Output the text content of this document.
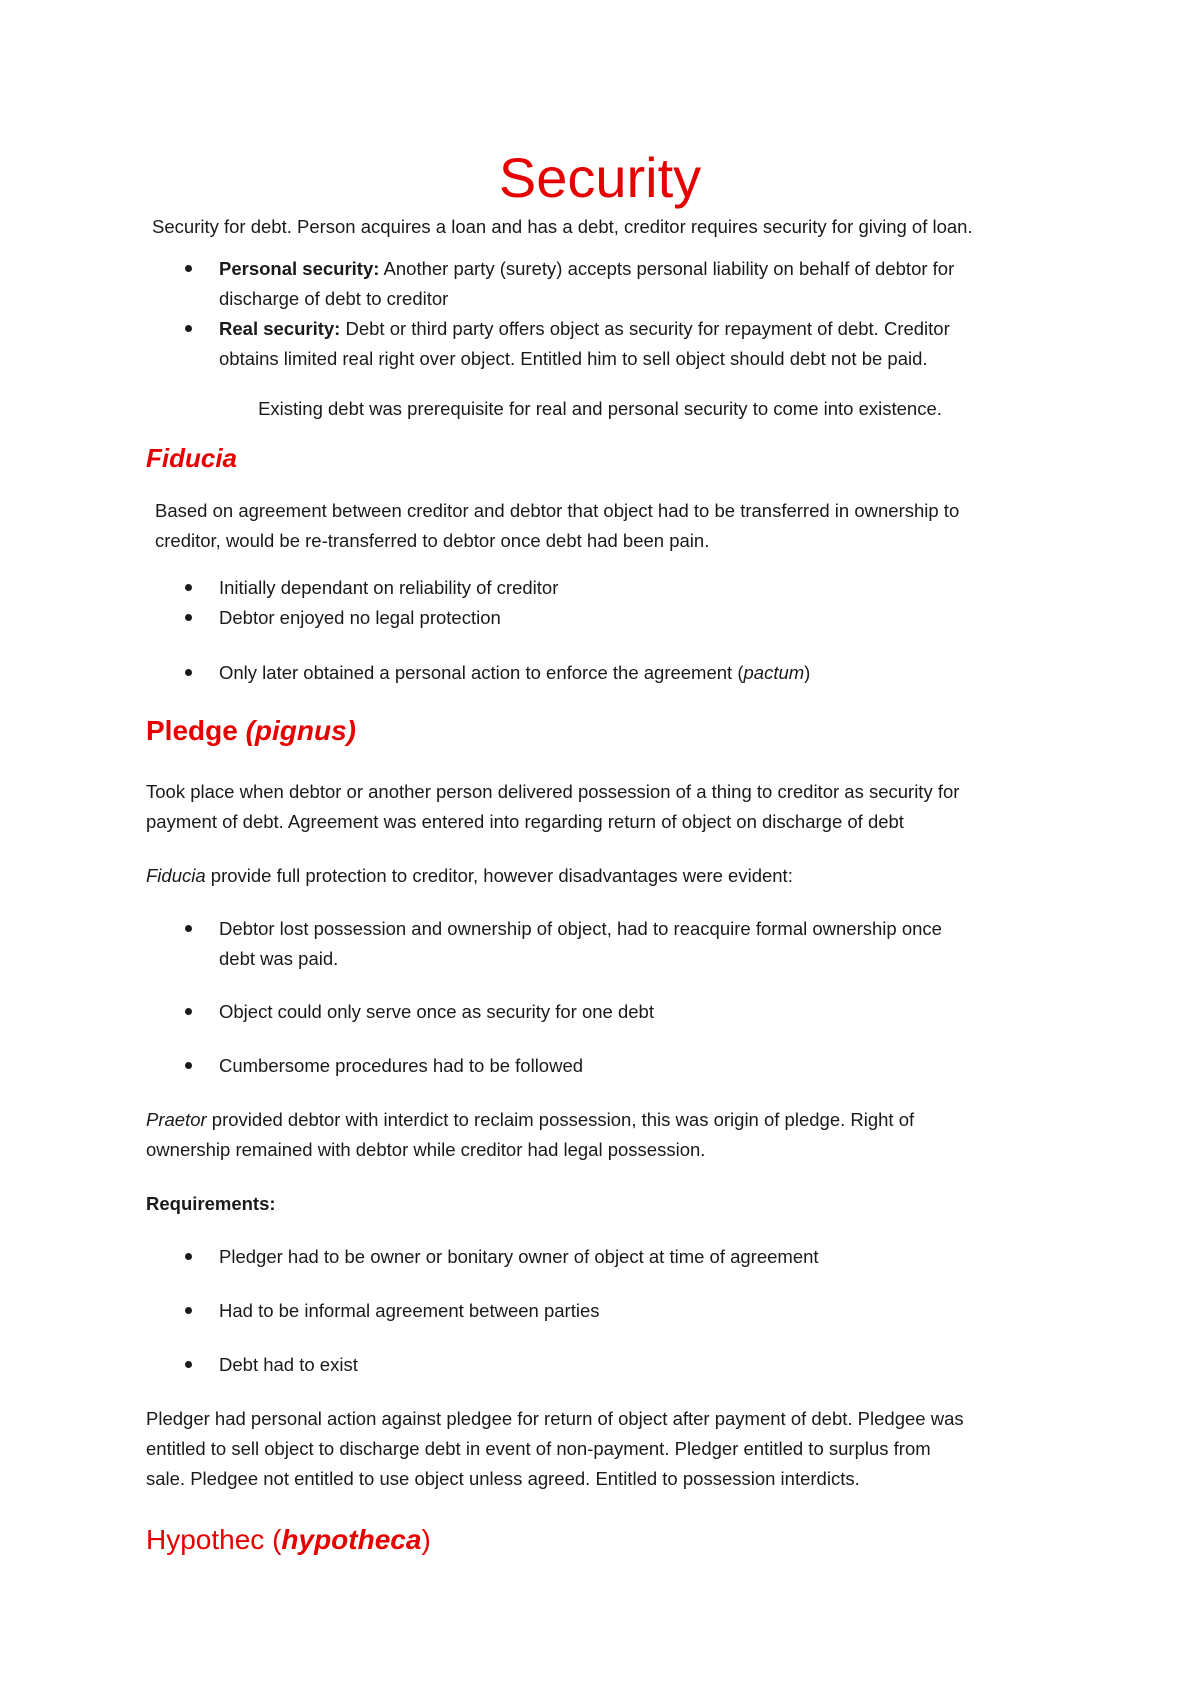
Security
Security for debt. Person acquires a loan and has a debt, creditor requires security for giving of loan.
Personal security: Another party (surety) accepts personal liability on behalf of debtor for
discharge of debt to creditor
Real security: Debt or third party offers object as security for repayment of debt. Creditor
obtains limited real right over object. Entitled him to sell object should debt not be paid.
Existing debt was prerequisite for real and personal security to come into existence.
Fiducia
Based on agreement between creditor and debtor that object had to be transferred in ownership to
creditor, would be re-transferred to debtor once debt had been pain.
Initially dependant on reliability of creditor
Debtor enjoyed no legal protection
Only later obtained a personal action to enforce the agreement (pactum)
Pledge (pignus)
Took place when debtor or another person delivered possession of a thing to creditor as security for
payment of debt. Agreement was entered into regarding return of object on discharge of debt
Fiducia provide full protection to creditor, however disadvantages were evident:
Debtor lost possession and ownership of object, had to reacquire formal ownership once
debt was paid.
Object could only serve once as security for one debt
Cumbersome procedures had to be followed
Praetor provided debtor with interdict to reclaim possession, this was origin of pledge. Right of
ownership remained with debtor while creditor had legal possession.
Requirements:
Pledger had to be owner or bonitary owner of object at time of agreement
Had to be informal agreement between parties
Debt had to exist
Pledger had personal action against pledgee for return of object after payment of debt. Pledgee was
entitled to sell object to discharge debt in event of non-payment. Pledger entitled to surplus from
sale. Pledgee not entitled to use object unless agreed. Entitled to possession interdicts.
Hypothec (hypotheca)
